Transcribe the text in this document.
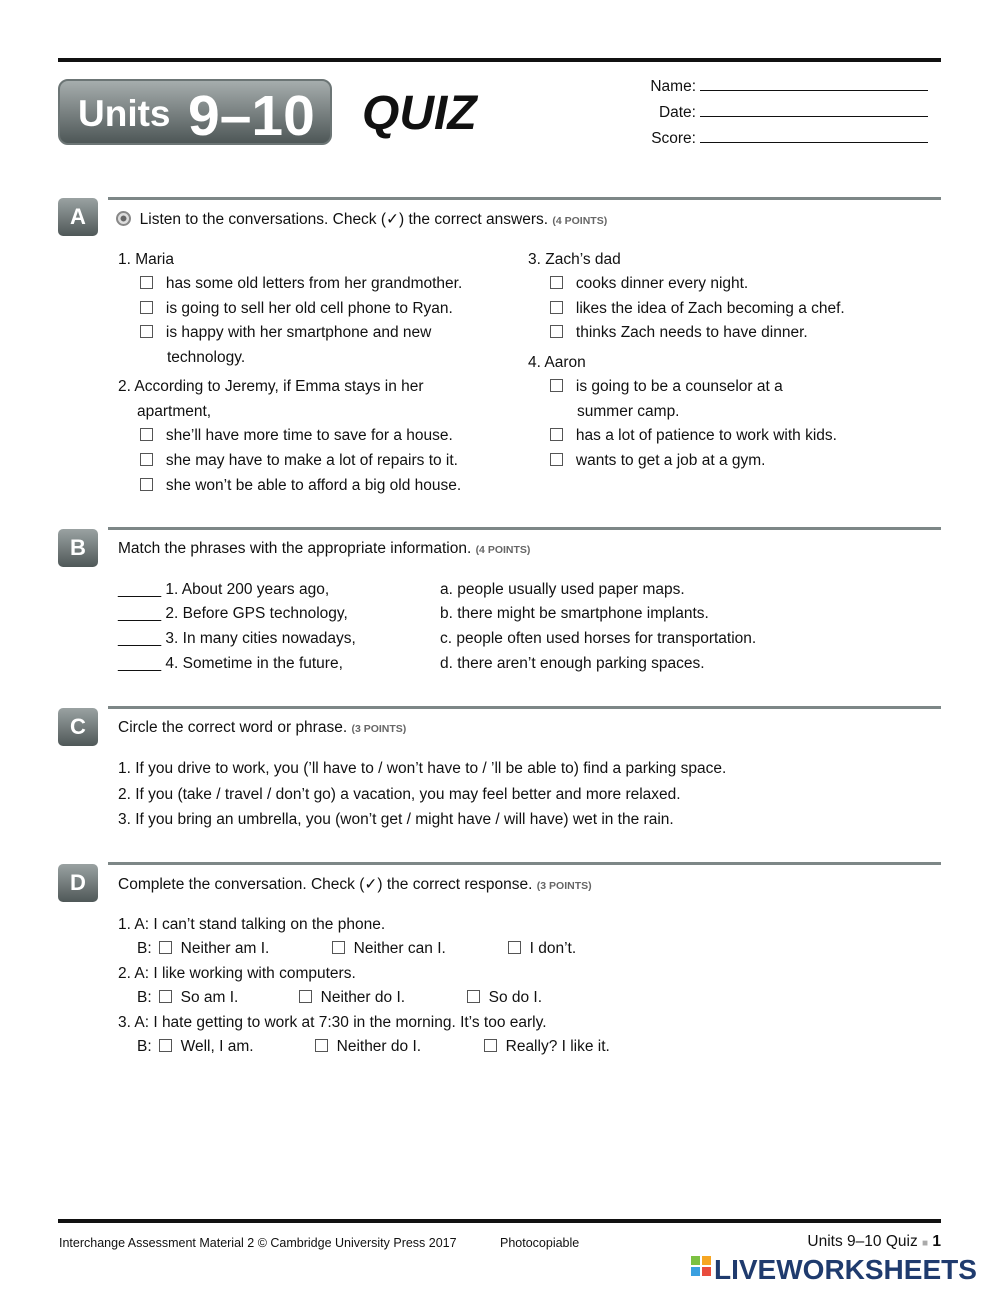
Units 9–10 QUIZ
Name:
Date:
Score:
A	Listen to the conversations. Check (✓) the correct answers. (4 POINTS)
1. Maria
has some old letters from her grandmother.
is going to sell her old cell phone to Ryan.
is happy with her smartphone and new
technology.
2. According to Jeremy, if Emma stays in her
apartment,
she’ll have more time to save for a house.
she may have to make a lot of repairs to it.
she won’t be able to afford a big old house.
3. Zach’s dad
cooks dinner every night.
likes the idea of Zach becoming a chef.
thinks Zach needs to have dinner.
4. Aaron
is going to be a counselor at a
summer camp.
has a lot of patience to work with kids.
wants to get a job at a gym.
B	Match the phrases with the appropriate information. (4 POINTS)
_____ 1. About 200 years ago,
_____ 2. Before GPS technology,
_____ 3. In many cities nowadays,
_____ 4. Sometime in the future,
a. people usually used paper maps.
b. there might be smartphone implants.
c. people often used horses for transportation.
d. there aren’t enough parking spaces.
C	Circle the correct word or phrase. (3 POINTS)
1. If you drive to work, you (’ll have to / won’t have to / ’ll be able to) find a parking space.
2. If you (take / travel / don’t go) a vacation, you may feel better and more relaxed.
3. If you bring an umbrella, you (won’t get / might have / will have) wet in the rain.
D	Complete the conversation. Check (✓) the correct response. (3 POINTS)
1. A: I can’t stand talking on the phone.
B:	Neither am I.	Neither can I.	I don’t.
2. A: I like working with computers.
B:	So am I.	Neither do I.	So do I.
3. A: I hate getting to work at 7:30 in the morning. It’s too early.
B:	Well, I am.	Neither do I.	Really? I like it.
Interchange Assessment Material 2 © Cambridge University Press 2017	Photocopiable	Units 9–10 Quiz ■ 1
LIVEWORKSHEETS
